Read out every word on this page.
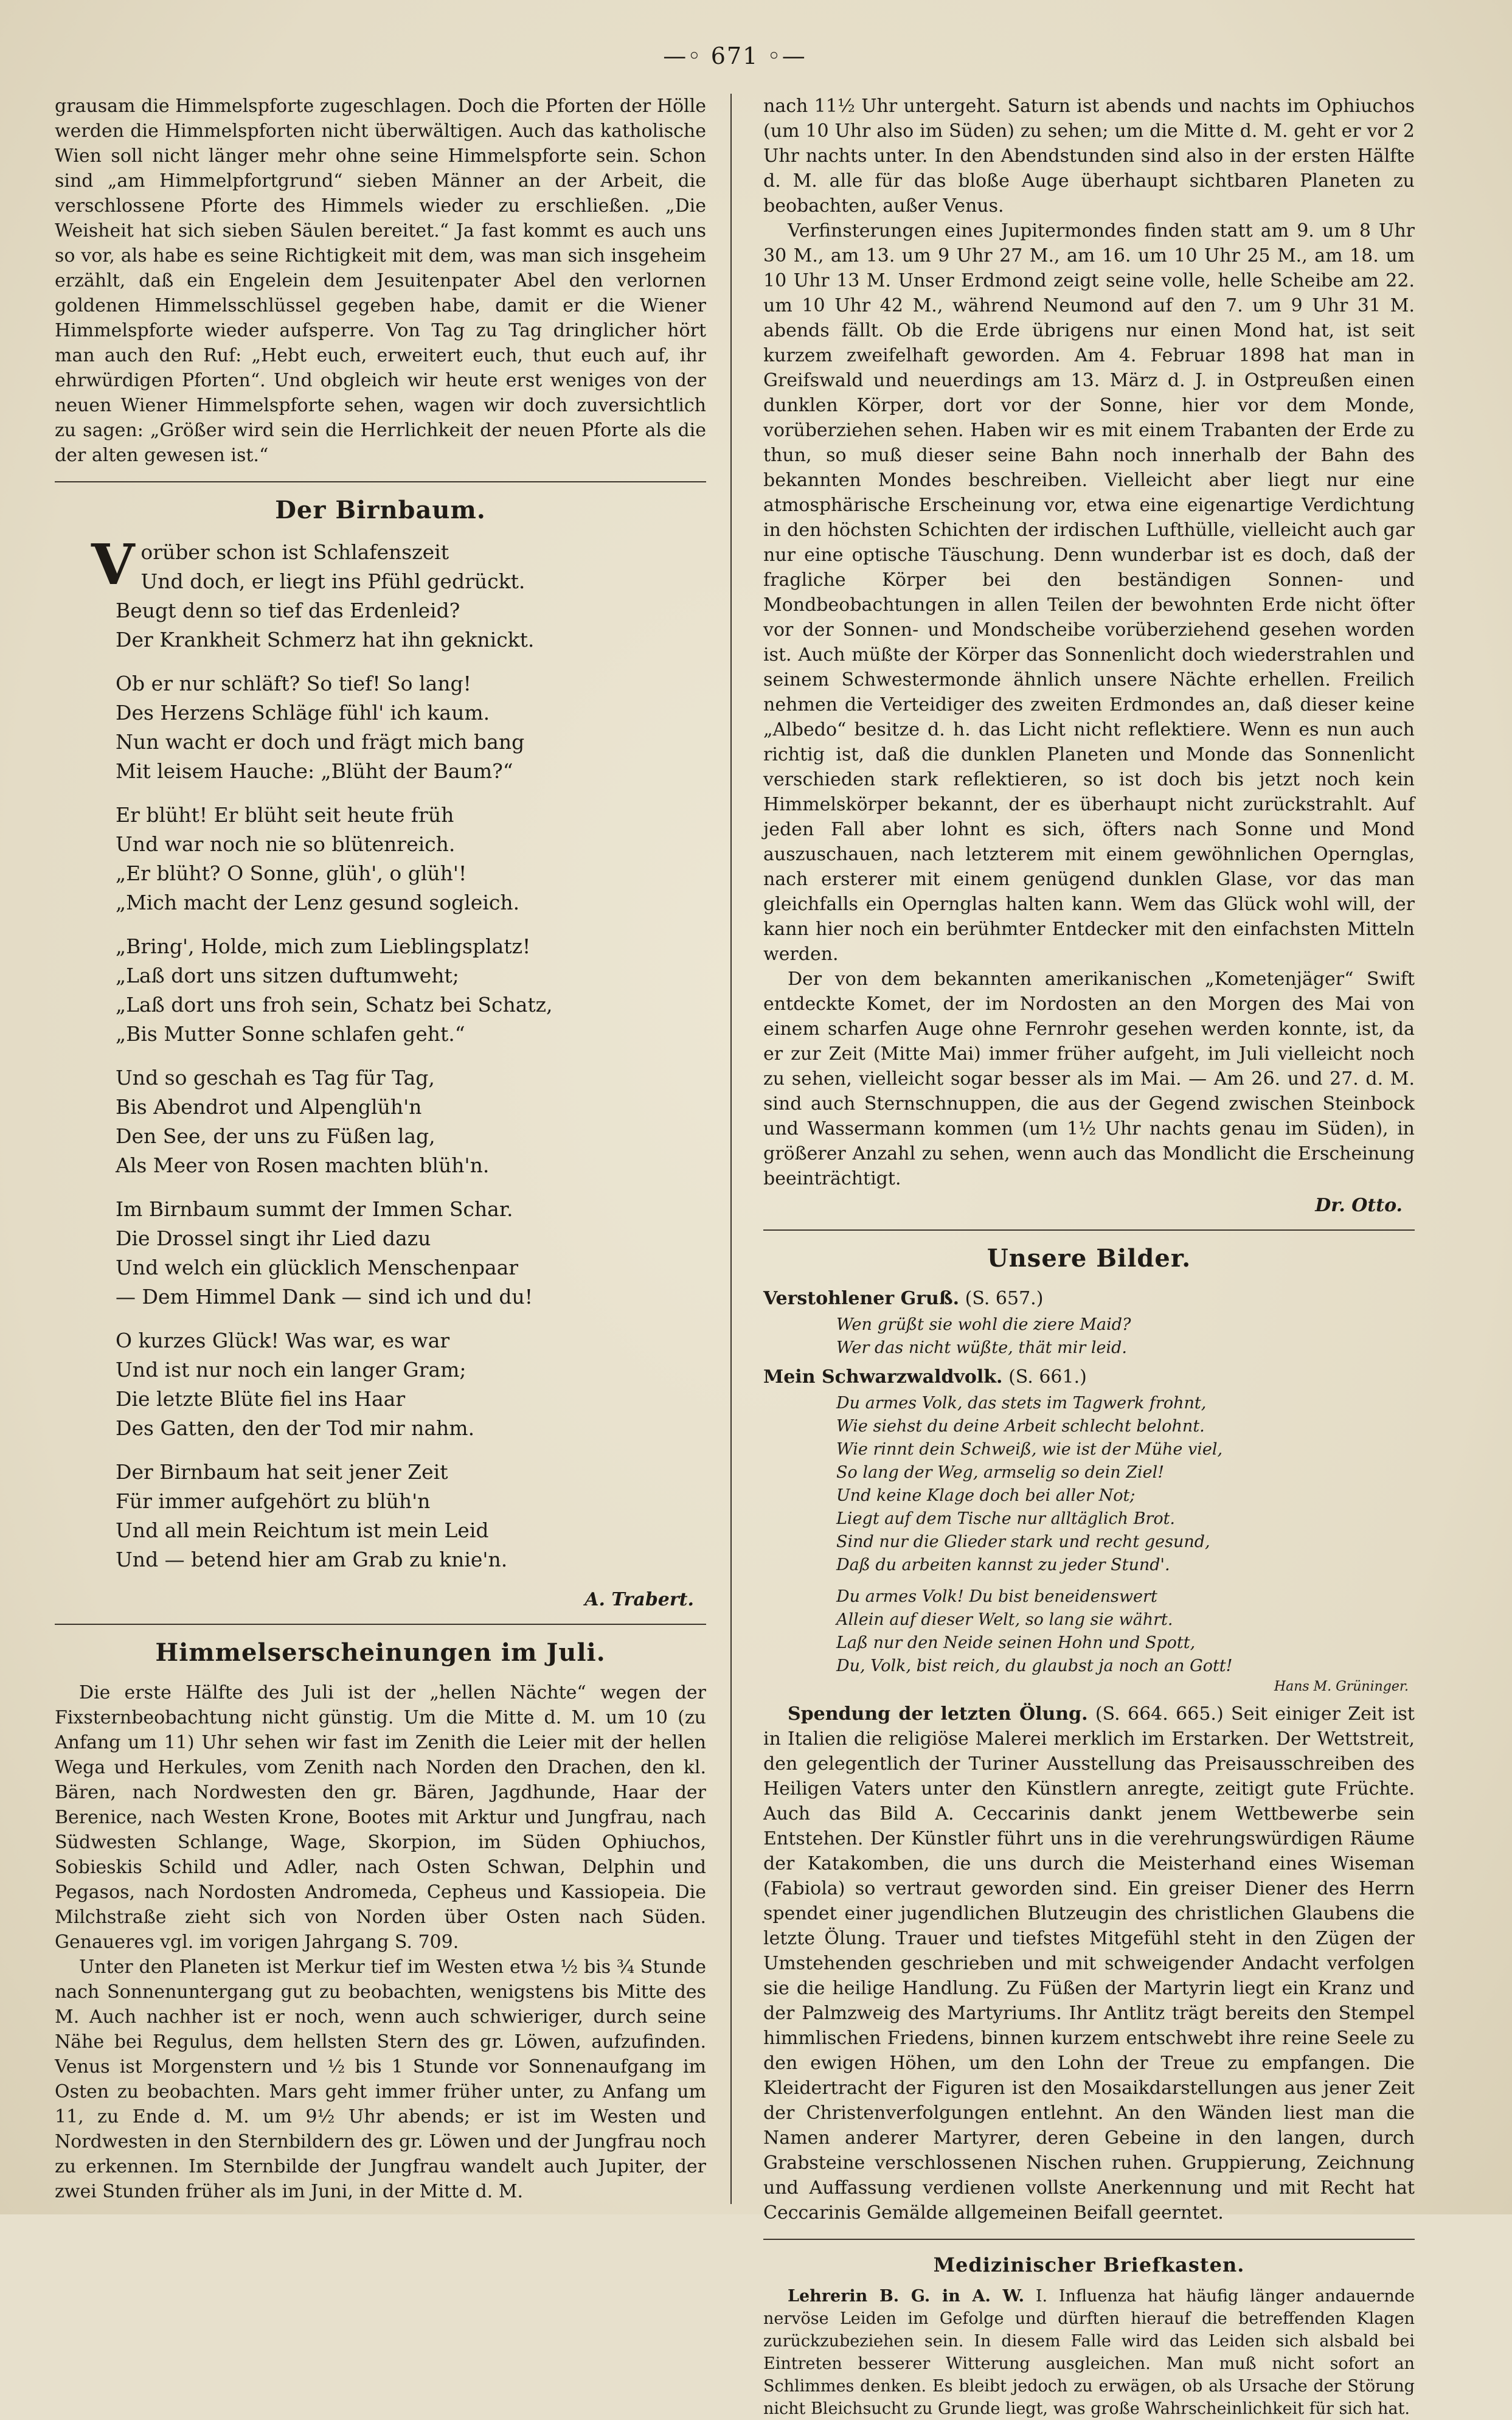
—◦ 671 ◦—

grausam die Himmelspforte zugeschlagen. Doch die Pforten der Hölle werden die Himmelspforten nicht überwältigen. Auch das katholische Wien soll nicht länger mehr ohne seine Himmelspforte sein. Schon sind „am Himmelpfortgrund“ sieben Männer an der Arbeit, die verschlossene Pforte des Himmels wieder zu erschließen. „Die Weisheit hat sich sieben Säulen bereitet.“ Ja fast kommt es auch uns so vor, als habe es seine Richtigkeit mit dem, was man sich insgeheim erzählt, daß ein Engelein dem Jesuitenpater Abel den verlornen goldenen Himmelsschlüssel gegeben habe, damit er die Wiener Himmelspforte wieder aufsperre. Von Tag zu Tag dringlicher hört man auch den Ruf: „Hebt euch, erweitert euch, thut euch auf, ihr ehrwürdigen Pforten“. Und obgleich wir heute erst weniges von der neuen Wiener Himmelspforte sehen, wagen wir doch zuversichtlich zu sagen: „Größer wird sein die Herrlichkeit der neuen Pforte als die der alten gewesen ist.“

Der Birnbaum.
Vorüber schon ist Schlafenszeit
Und doch, er liegt ins Pfühl gedrückt.
Beugt denn so tief das Erdenleid?
Der Krankheit Schmerz hat ihn geknickt.
Ob er nur schläft? So tief! So lang!
Des Herzens Schläge fühl' ich kaum.
Nun wacht er doch und frägt mich bang
Mit leisem Hauche: „Blüht der Baum?“
Er blüht! Er blüht seit heute früh
Und war noch nie so blütenreich.
„Er blüht? O Sonne, glüh', o glüh'!
„Mich macht der Lenz gesund sogleich.
„Bring', Holde, mich zum Lieblingsplatz!
„Laß dort uns sitzen duftumweht;
„Laß dort uns froh sein, Schatz bei Schatz,
„Bis Mutter Sonne schlafen geht.“
Und so geschah es Tag für Tag,
Bis Abendrot und Alpenglüh'n
Den See, der uns zu Füßen lag,
Als Meer von Rosen machten blüh'n.
Im Birnbaum summt der Immen Schar.
Die Drossel singt ihr Lied dazu
Und welch ein glücklich Menschenpaar
— Dem Himmel Dank — sind ich und du!
O kurzes Glück! Was war, es war
Und ist nur noch ein langer Gram;
Die letzte Blüte fiel ins Haar
Des Gatten, den der Tod mir nahm.
Der Birnbaum hat seit jener Zeit
Für immer aufgehört zu blüh'n
Und all mein Reichtum ist mein Leid
Und — betend hier am Grab zu knie'n.
A. Trabert.
Himmelserscheinungen im Juli.

Die erste Hälfte des Juli ist der „hellen Nächte“ wegen der Fixsternbeobachtung nicht günstig. Um die Mitte d. M. um 10 (zu Anfang um 11) Uhr sehen wir fast im Zenith die Leier mit der hellen Wega und Herkules, vom Zenith nach Norden den Drachen, den kl. Bären, nach Nordwesten den gr. Bären, Jagdhunde, Haar der Berenice, nach Westen Krone, Bootes mit Arktur und Jungfrau, nach Südwesten Schlange, Wage, Skorpion, im Süden Ophiuchos, Sobieskis Schild und Adler, nach Osten Schwan, Delphin und Pegasos, nach Nordosten Andromeda, Cepheus und Kassiopeia. Die Milchstraße zieht sich von Norden über Osten nach Süden. Genaueres vgl. im vorigen Jahrgang S. 709.

Unter den Planeten ist Merkur tief im Westen etwa ½ bis ¾ Stunde nach Sonnenuntergang gut zu beobachten, wenigstens bis Mitte des M. Auch nachher ist er noch, wenn auch schwieriger, durch seine Nähe bei Regulus, dem hellsten Stern des gr. Löwen, aufzufinden. Venus ist Morgenstern und ½ bis 1 Stunde vor Sonnenaufgang im Osten zu beobachten. Mars geht immer früher unter, zu Anfang um 11, zu Ende d. M. um 9½ Uhr abends; er ist im Westen und Nordwesten in den Sternbildern des gr. Löwen und der Jungfrau noch zu erkennen. Im Sternbilde der Jungfrau wandelt auch Jupiter, der zwei Stunden früher als im Juni, in der Mitte d. M.

nach 11½ Uhr untergeht. Saturn ist abends und nachts im Ophiuchos (um 10 Uhr also im Süden) zu sehen; um die Mitte d. M. geht er vor 2 Uhr nachts unter. In den Abendstunden sind also in der ersten Hälfte d. M. alle für das bloße Auge überhaupt sichtbaren Planeten zu beobachten, außer Venus.

Verfinsterungen eines Jupitermondes finden statt am 9. um 8 Uhr 30 M., am 13. um 9 Uhr 27 M., am 16. um 10 Uhr 25 M., am 18. um 10 Uhr 13 M. Unser Erdmond zeigt seine volle, helle Scheibe am 22. um 10 Uhr 42 M., während Neumond auf den 7. um 9 Uhr 31 M. abends fällt. Ob die Erde übrigens nur einen Mond hat, ist seit kurzem zweifelhaft geworden. Am 4. Februar 1898 hat man in Greifswald und neuerdings am 13. März d. J. in Ostpreußen einen dunklen Körper, dort vor der Sonne, hier vor dem Monde, vorüberziehen sehen. Haben wir es mit einem Trabanten der Erde zu thun, so muß dieser seine Bahn noch innerhalb der Bahn des bekannten Mondes beschreiben. Vielleicht aber liegt nur eine atmosphärische Erscheinung vor, etwa eine eigenartige Verdichtung in den höchsten Schichten der irdischen Lufthülle, vielleicht auch gar nur eine optische Täuschung. Denn wunderbar ist es doch, daß der fragliche Körper bei den beständigen Sonnen- und Mondbeobachtungen in allen Teilen der bewohnten Erde nicht öfter vor der Sonnen- und Mondscheibe vorüberziehend gesehen worden ist. Auch müßte der Körper das Sonnenlicht doch wiederstrahlen und seinem Schwestermonde ähnlich unsere Nächte erhellen. Freilich nehmen die Verteidiger des zweiten Erdmondes an, daß dieser keine „Albedo“ besitze d. h. das Licht nicht reflektiere. Wenn es nun auch richtig ist, daß die dunklen Planeten und Monde das Sonnenlicht verschieden stark reflektieren, so ist doch bis jetzt noch kein Himmelskörper bekannt, der es überhaupt nicht zurückstrahlt. Auf jeden Fall aber lohnt es sich, öfters nach Sonne und Mond auszuschauen, nach letzterem mit einem gewöhnlichen Opernglas, nach ersterer mit einem genügend dunklen Glase, vor das man gleichfalls ein Opernglas halten kann. Wem das Glück wohl will, der kann hier noch ein berühmter Entdecker mit den einfachsten Mitteln werden.

Der von dem bekannten amerikanischen „Kometenjäger“ Swift entdeckte Komet, der im Nordosten an den Morgen des Mai von einem scharfen Auge ohne Fernrohr gesehen werden konnte, ist, da er zur Zeit (Mitte Mai) immer früher aufgeht, im Juli vielleicht noch zu sehen, vielleicht sogar besser als im Mai. — Am 26. und 27. d. M. sind auch Sternschnuppen, die aus der Gegend zwischen Steinbock und Wassermann kommen (um 1½ Uhr nachts genau im Süden), in größerer Anzahl zu sehen, wenn auch das Mondlicht die Erscheinung beeinträchtigt.

Dr. Otto.
Unsere Bilder.
Verstohlener Gruß. (S. 657.)
Wen grüßt sie wohl die ziere Maid?
Wer das nicht wüßte, thät mir leid.
Mein Schwarzwaldvolk. (S. 661.)
Du armes Volk, das stets im Tagwerk frohnt,
Wie siehst du deine Arbeit schlecht belohnt.
Wie rinnt dein Schweiß, wie ist der Mühe viel,
So lang der Weg, armselig so dein Ziel!
Und keine Klage doch bei aller Not;
Liegt auf dem Tische nur alltäglich Brot.
Sind nur die Glieder stark und recht gesund,
Daß du arbeiten kannst zu jeder Stund'.
Du armes Volk! Du bist beneidenswert
Allein auf dieser Welt, so lang sie währt.
Laß nur den Neide seinen Hohn und Spott,
Du, Volk, bist reich, du glaubst ja noch an Gott!
Hans M. Grüninger.

Spendung der letzten Ölung. (S. 664. 665.) Seit einiger Zeit ist in Italien die religiöse Malerei merklich im Erstarken. Der Wettstreit, den gelegentlich der Turiner Ausstellung das Preisausschreiben des Heiligen Vaters unter den Künstlern anregte, zeitigt gute Früchte. Auch das Bild A. Ceccarinis dankt jenem Wettbewerbe sein Entstehen. Der Künstler führt uns in die verehrungswürdigen Räume der Katakomben, die uns durch die Meisterhand eines Wiseman (Fabiola) so vertraut geworden sind. Ein greiser Diener des Herrn spendet einer jugendlichen Blutzeugin des christlichen Glaubens die letzte Ölung. Trauer und tiefstes Mitgefühl steht in den Zügen der Umstehenden geschrieben und mit schweigender Andacht verfolgen sie die heilige Handlung. Zu Füßen der Martyrin liegt ein Kranz und der Palmzweig des Martyriums. Ihr Antlitz trägt bereits den Stempel himmlischen Friedens, binnen kurzem entschwebt ihre reine Seele zu den ewigen Höhen, um den Lohn der Treue zu empfangen. Die Kleidertracht der Figuren ist den Mosaikdarstellungen aus jener Zeit der Christenverfolgungen entlehnt. An den Wänden liest man die Namen anderer Martyrer, deren Gebeine in den langen, durch Grabsteine verschlossenen Nischen ruhen. Gruppierung, Zeichnung und Auffassung verdienen vollste Anerkennung und mit Recht hat Ceccarinis Gemälde allgemeinen Beifall geerntet.

Medizinischer Briefkasten.

Lehrerin B. G. in A. W. I. Influenza hat häufig länger andauernde nervöse Leiden im Gefolge und dürften hierauf die betreffenden Klagen zurückzubeziehen sein. In diesem Falle wird das Leiden sich alsbald bei Eintreten besserer Witterung ausgleichen. Man muß nicht sofort an Schlimmes denken. Es bleibt jedoch zu erwägen, ob als Ursache der Störung nicht Bleichsucht zu Grunde liegt, was große Wahrscheinlichkeit für sich hat.
